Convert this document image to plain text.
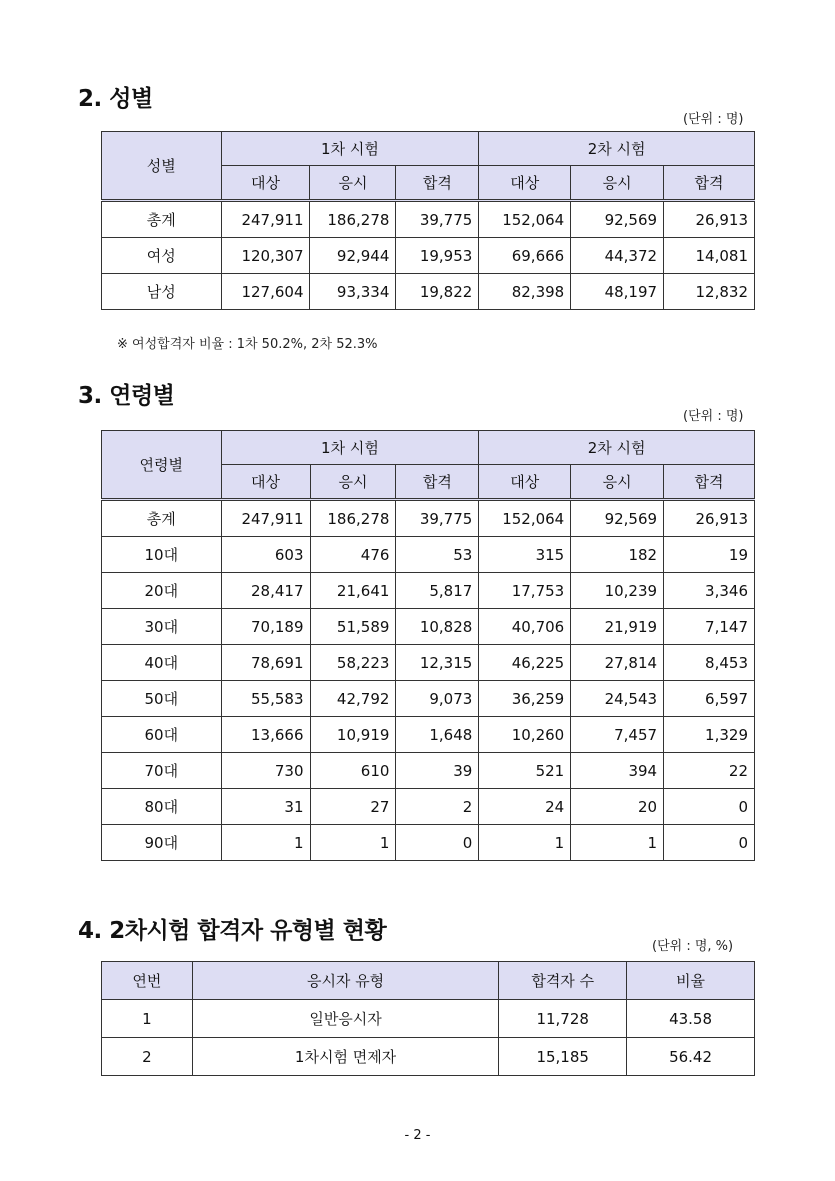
2. 성별
(단위 : 명)
성별	1차 시험			2차 시험		
	대상	응시	합격	대상	응시	합격
총계	247,911	186,278	39,775	152,064	92,569	26,913
여성	120,307	92,944	19,953	69,666	44,372	14,081
남성	127,604	93,334	19,822	82,398	48,197	12,832
※ 여성합격자 비율 : 1차 50.2%, 2차 52.3%
3. 연령별
(단위 : 명)
연령별	1차 시험			2차 시험		
	대상	응시	합격	대상	응시	합격
총계	247,911	186,278	39,775	152,064	92,569	26,913
10대	603	476	53	315	182	19
20대	28,417	21,641	5,817	17,753	10,239	3,346
30대	70,189	51,589	10,828	40,706	21,919	7,147
40대	78,691	58,223	12,315	46,225	27,814	8,453
50대	55,583	42,792	9,073	36,259	24,543	6,597
60대	13,666	10,919	1,648	10,260	7,457	1,329
70대	730	610	39	521	394	22
80대	31	27	2	24	20	0
90대	1	1	0	1	1	0
4. 2차시험 합격자 유형별 현황
(단위 : 명, %)
연번	응시자 유형	합격자 수	비율
1	일반응시자	11,728	43.58
2	1차시험 면제자	15,185	56.42
- 2 -
